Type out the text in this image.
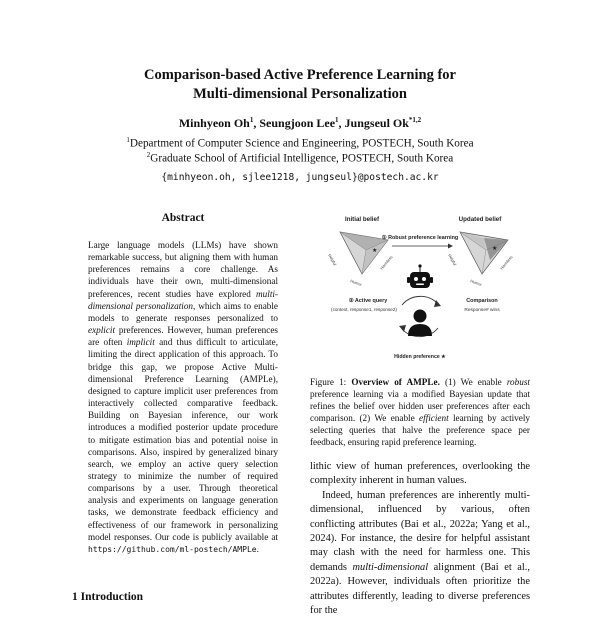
Comparison-based Active Preference Learning for
Multi-dimensional Personalization
Minhyeon Oh$^1$, Seungjoon Lee$^1$, Jungseul Ok$^{*1,2}$
$^1$Department of Computer Science and Engineering, POSTECH, South Korea
$^2$Graduate School of Artificial Intelligence, POSTECH, South Korea
{minhyeon.oh, sjlee1218, jungseul}@postech.ac.kr
Abstract
Large language models (LLMs) have shown remarkable success, but aligning them with human preferences remains a core challenge. As individuals have their own, multi-dimensional preferences, recent studies have explored multi-dimensional personalization, which aims to enable models to generate responses personalized to explicit preferences. However, human preferences are often implicit and thus difficult to articulate, limiting the direct application of this approach. To bridge this gap, we propose Active Multi-dimensional Preference Learning (AMPLe), designed to capture implicit user preferences from interactively collected comparative feedback. Building on Bayesian inference, our work introduces a modified posterior update procedure to mitigate estimation bias and potential noise in comparisons. Also, inspired by generalized binary search, we employ an active query selection strategy to minimize the number of required comparisons by a user. Through theoretical analysis and experiments on language generation tasks, we demonstrate feedback efficiency and effectiveness of our framework in personalizing model responses. Our code is publicly available at https://github.com/ml-postech/AMPLe.
Initial belief	Updated belief
★
Helpful	Harmless
Humor
① Robust preference learning
★
Helpful	Harmless
Humor
② Active query
(context, response1, response2)
Comparison
Response# wins
Hidden preference ★
Figure 1: Overview of AMPLe. (1) We enable robust preference learning via a modified Bayesian update that refines the belief over hidden user preferences after each comparison. (2) We enable efficient learning by actively selecting queries that halve the preference space per feedback, ensuring rapid preference learning.

lithic view of human preferences, overlooking the complexity inherent in human values.

Indeed, human preferences are inherently multi-dimensional, influenced by various, often conflicting attributes (Bai et al., 2022a; Yang et al., 2024). For instance, the desire for helpful assistant may clash with the need for harmless one. This demands multi-dimensional alignment (Bai et al., 2022a). However, individuals often prioritize the attributes differently, leading to diverse preferences for the

1 Introduction
